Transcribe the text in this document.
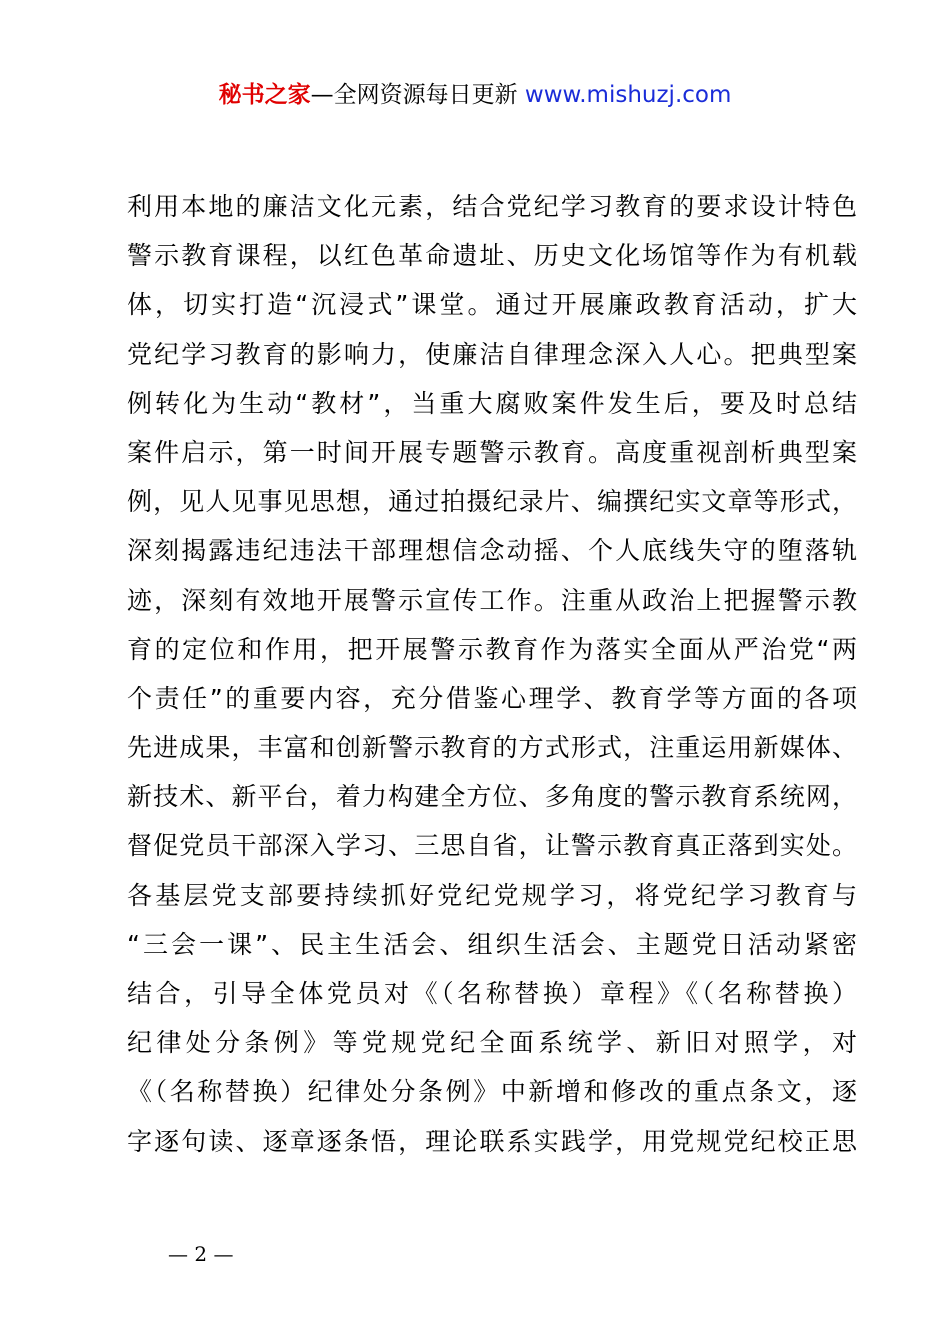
秘书之家—全网资源每日更新 www.mishuzj.com
利用本地的廉洁文化元素，结合党纪学习教育的要求设计特色
警示教育课程，以红色革命遗址、历史文化场馆等作为有机载
体，切实打造“沉浸式”课堂。通过开展廉政教育活动，扩大
党纪学习教育的影响力，使廉洁自律理念深入人心。把典型案
例转化为生动“教材”，当重大腐败案件发生后，要及时总结
案件启示，第一时间开展专题警示教育。高度重视剖析典型案
例，见人见事见思想，通过拍摄纪录片、编撰纪实文章等形式，
深刻揭露违纪违法干部理想信念动摇、个人底线失守的堕落轨
迹，深刻有效地开展警示宣传工作。注重从政治上把握警示教
育的定位和作用，把开展警示教育作为落实全面从严治党“两
个责任”的重要内容，充分借鉴心理学、教育学等方面的各项
先进成果，丰富和创新警示教育的方式形式，注重运用新媒体、
新技术、新平台，着力构建全方位、多角度的警示教育系统网，
督促党员干部深入学习、三思自省，让警示教育真正落到实处。
各基层党支部要持续抓好党纪党规学习，将党纪学习教育与
“三会一课”、民主生活会、组织生活会、主题党日活动紧密
结合，引导全体党员对《（名称替换）章程》《（名称替换）
纪律处分条例》等党规党纪全面系统学、新旧对照学，对
《（名称替换）纪律处分条例》中新增和修改的重点条文，逐
字逐句读、逐章逐条悟，理论联系实践学，用党规党纪校正思
— 2 —
